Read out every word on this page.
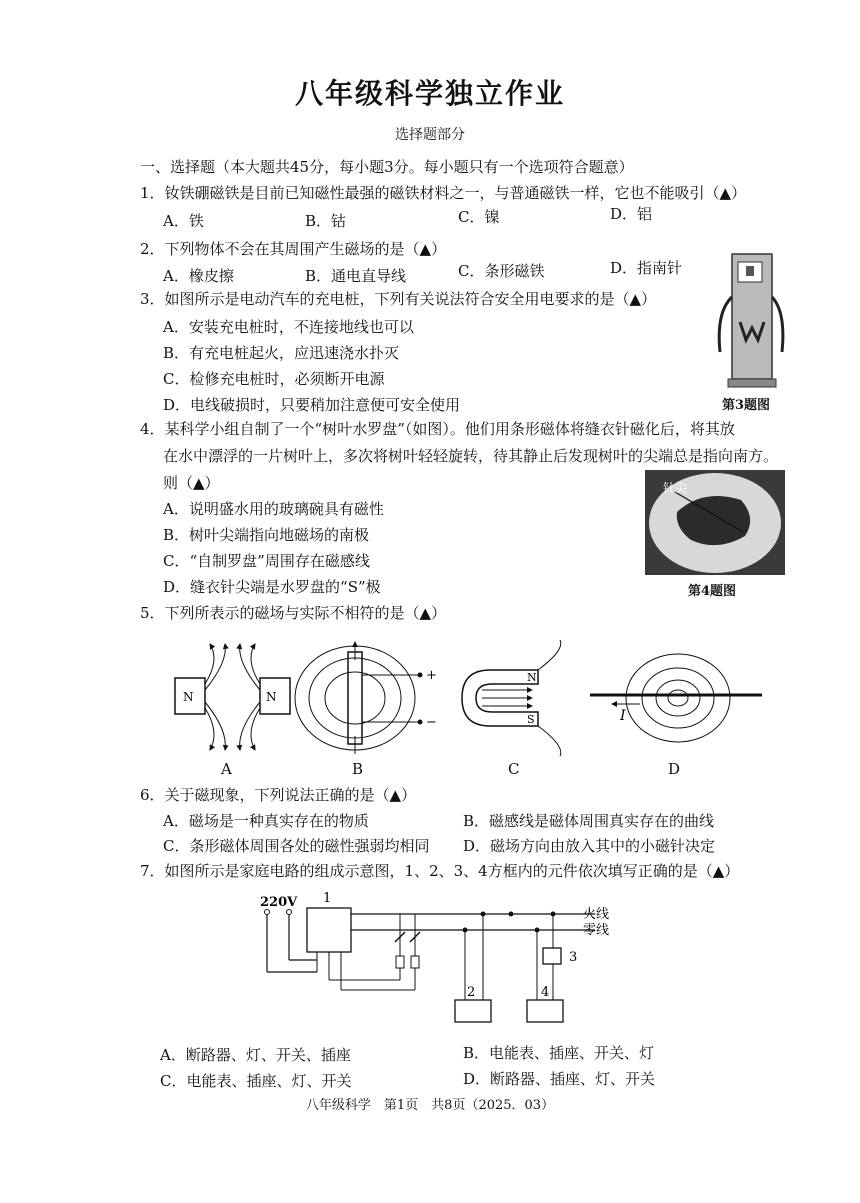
八年级科学独立作业
选择题部分
一、选择题（本大题共45分，每小题3分。每小题只有一个选项符合题意）
1．钕铁硼磁铁是目前已知磁性最强的磁铁材料之一，与普通磁铁一样，它也不能吸引（▲）
A．铁	B．钴	C．镍	D．铝
2．下列物体不会在其周围产生磁场的是（▲）
A．橡皮擦	B．通电直导线	C．条形磁铁	D．指南针
3．如图所示是电动汽车的充电桩，下列有关说法符合安全用电要求的是（▲）
A．安装充电桩时，不连接地线也可以
B．有充电桩起火，应迅速浇水扑灭
C．检修充电桩时，必须断开电源
D．电线破损时，只要稍加注意便可安全使用	第3题图
4．某科学小组自制了一个“树叶水罗盘”（如图）。他们用条形磁体将缝衣针磁化后，将其放
在水中漂浮的一片树叶上，多次将树叶轻轻旋转，待其静止后发现树叶的尖端总是指向南方。
则（▲）
A．说明盛水用的玻璃碗具有磁性
B．树叶尖端指向地磁场的南极
C．“自制罗盘”周围存在磁感线
D．缝衣针尖端是水罗盘的“S”极
针尖
第4题图
5．下列所表示的磁场与实际不相符的是（▲）
N	N
+
−
N
S	I
A	B	C	D
6．关于磁现象，下列说法正确的是（▲）
A．磁场是一种真实存在的物质	B．磁感线是磁体周围真实存在的曲线
C．条形磁体周围各处的磁性强弱均相同 D．磁场方向由放入其中的小磁针决定
7．如图所示是家庭电路的组成示意图，1、2、3、4方框内的元件依次填写正确的是（▲）
220V 1
火线
零线
2
3
4
A．断路器、灯、开关、插座	B．电能表、插座、开关、灯
C．电能表、插座、灯、开关	D．断路器、插座、灯、开关
八年级科学　第1页　共8页（2025．03）
